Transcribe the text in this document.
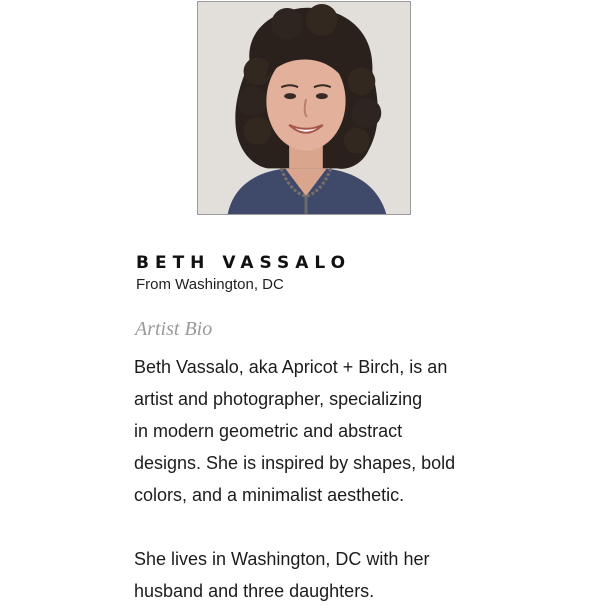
BETH VASSALO
From Washington, DC
Artist Bio

Beth Vassalo, aka Apricot + Birch, is an
artist and photographer, specializing
in modern geometric and abstract
designs. She is inspired by shapes, bold
colors, and a minimalist aesthetic.

She lives in Washington, DC with her
husband and three daughters.
